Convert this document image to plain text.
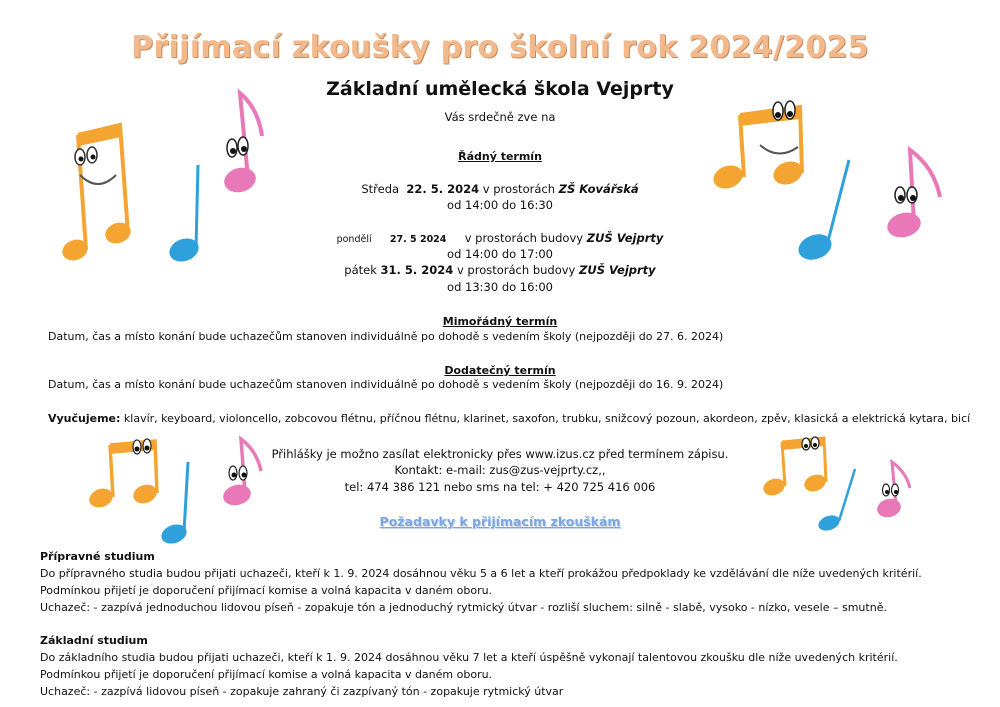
Přijímací zkoušky pro školní rok 2024/2025
Základní umělecká škola Vejprty
Vás srdečně zve na
Řádný termín
Středa 22. 5. 2024 v prostorách ZŠ Kovářská
od 14:00 do 16:30
pondělí 27. 5 2024 v prostorách budovy ZUŠ Vejprty
od 14:00 do 17:00
pátek 31. 5. 2024 v prostorách budovy ZUŠ Vejprty
od 13:30 do 16:00
Mimořádný termín
Datum, čas a místo konání bude uchazečům stanoven individuálně po dohodě s vedením školy (nejpozději do 27. 6. 2024)
Dodatečný termín
Datum, čas a místo konání bude uchazečům stanoven individuálně po dohodě s vedením školy (nejpozději do 16. 9. 2024)
Vyučujeme: klavír, keyboard, violoncello, zobcovou flétnu, příčnou flétnu, klarinet, saxofon, trubku, snižcový pozoun, akordeon, zpěv, klasická a elektrická kytara, bicí
Přihlášky je možno zasílat elektronicky přes www.izus.cz před termínem zápisu.
Kontakt: e-mail: zus@zus-vejprty.cz,,
tel: 474 386 121 nebo sms na tel: + 420 725 416 006
Požadavky k přijímacím zkouškám
Přípravné studium
Do přípravného studia budou přijati uchazeči, kteří k 1. 9. 2024 dosáhnou věku 5 a 6 let a kteří prokážou předpoklady ke vzdělávání dle níže uvedených kritérií.
Podmínkou přijetí je doporučení přijímací komise a volná kapacita v daném oboru.
Uchazeč: - zazpívá jednoduchou lidovou píseň - zopakuje tón a jednoduchý rytmický útvar - rozliší sluchem: silně - slabě, vysoko - nízko, vesele – smutně.
Základní studium
Do základního studia budou přijati uchazeči, kteří k 1. 9. 2024 dosáhnou věku 7 let a kteří úspěšně vykonají talentovou zkoušku dle níže uvedených kritérií.
Podmínkou přijetí je doporučení přijímací komise a volná kapacita v daném oboru.
Uchazeč: - zazpívá lidovou píseň - zopakuje zahraný či zazpívaný tón - zopakuje rytmický útvar
